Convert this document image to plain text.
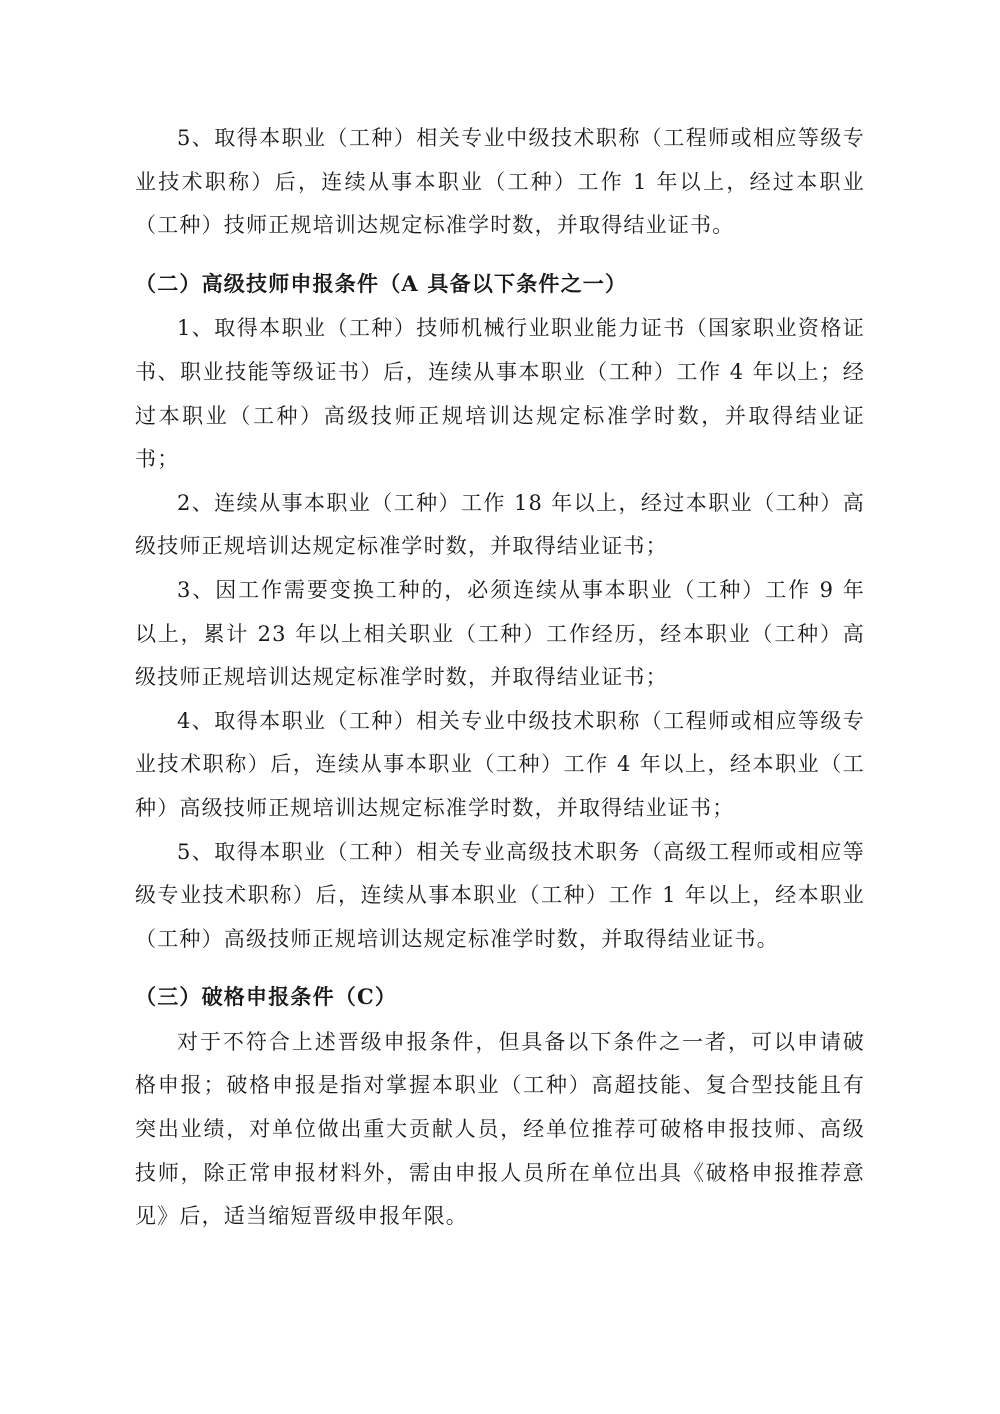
5、取得本职业（工种）相关专业中级技术职称（工程师或相应等级专业技术职称）后，连续从事本职业（工种）工作 1 年以上，经过本职业（工种）技师正规培训达规定标准学时数，并取得结业证书。

（二）高级技师申报条件（A 具备以下条件之一）

1、取得本职业（工种）技师机械行业职业能力证书（国家职业资格证书、职业技能等级证书）后，连续从事本职业（工种）工作 4 年以上；经过本职业（工种）高级技师正规培训达规定标准学时数，并取得结业证书；

2、连续从事本职业（工种）工作 18 年以上，经过本职业（工种）高级技师正规培训达规定标准学时数，并取得结业证书；

3、因工作需要变换工种的，必须连续从事本职业（工种）工作 9 年以上，累计 23 年以上相关职业（工种）工作经历，经本职业（工种）高级技师正规培训达规定标准学时数，并取得结业证书；

4、取得本职业（工种）相关专业中级技术职称（工程师或相应等级专业技术职称）后，连续从事本职业（工种）工作 4 年以上，经本职业（工种）高级技师正规培训达规定标准学时数，并取得结业证书；

5、取得本职业（工种）相关专业高级技术职务（高级工程师或相应等级专业技术职称）后，连续从事本职业（工种）工作 1 年以上，经本职业（工种）高级技师正规培训达规定标准学时数，并取得结业证书。

（三）破格申报条件（C）

对于不符合上述晋级申报条件，但具备以下条件之一者，可以申请破格申报；破格申报是指对掌握本职业（工种）高超技能、复合型技能且有突出业绩，对单位做出重大贡献人员，经单位推荐可破格申报技师、高级技师，除正常申报材料外，需由申报人员所在单位出具《破格申报推荐意见》后，适当缩短晋级申报年限。
